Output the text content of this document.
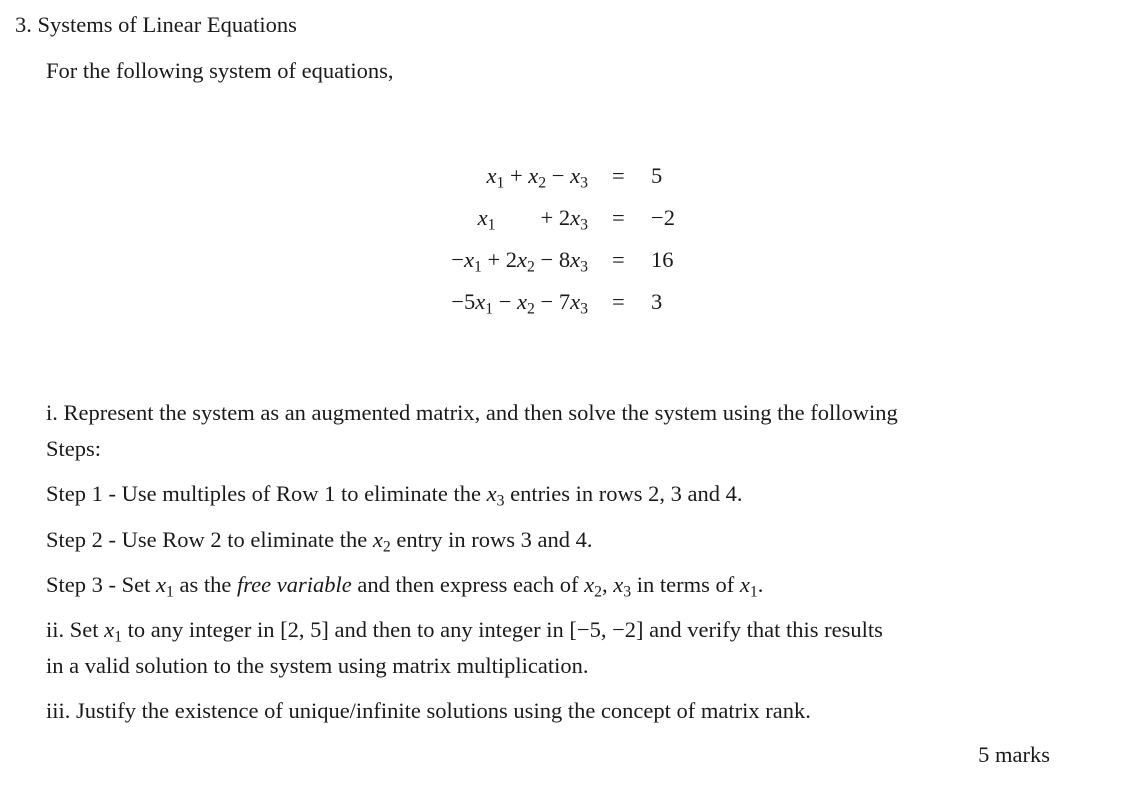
3. Systems of Linear Equations
For the following system of equations,
$x_1 + x_2 - x_3 = 5$
$x_1$        + $2x_3 = -2$
$-x_1 + 2x_2 - 8x_3 = 16$
$-5x_1 - x_2 - 7x_3 = 3$
i. Represent the system as an augmented matrix, and then solve the system using the following
Steps:
Step 1 - Use multiples of Row 1 to eliminate the $x_3$ entries in rows 2, 3 and 4.
Step 2 - Use Row 2 to eliminate the $x_2$ entry in rows 3 and 4.
Step 3 - Set $x_1$ as the free variable and then express each of $x_2$, $x_3$ in terms of $x_1$.
ii. Set $x_1$ to any integer in [2, 5] and then to any integer in [−5, −2] and verify that this results
in a valid solution to the system using matrix multiplication.
iii. Justify the existence of unique/infinite solutions using the concept of matrix rank.
5 marks
